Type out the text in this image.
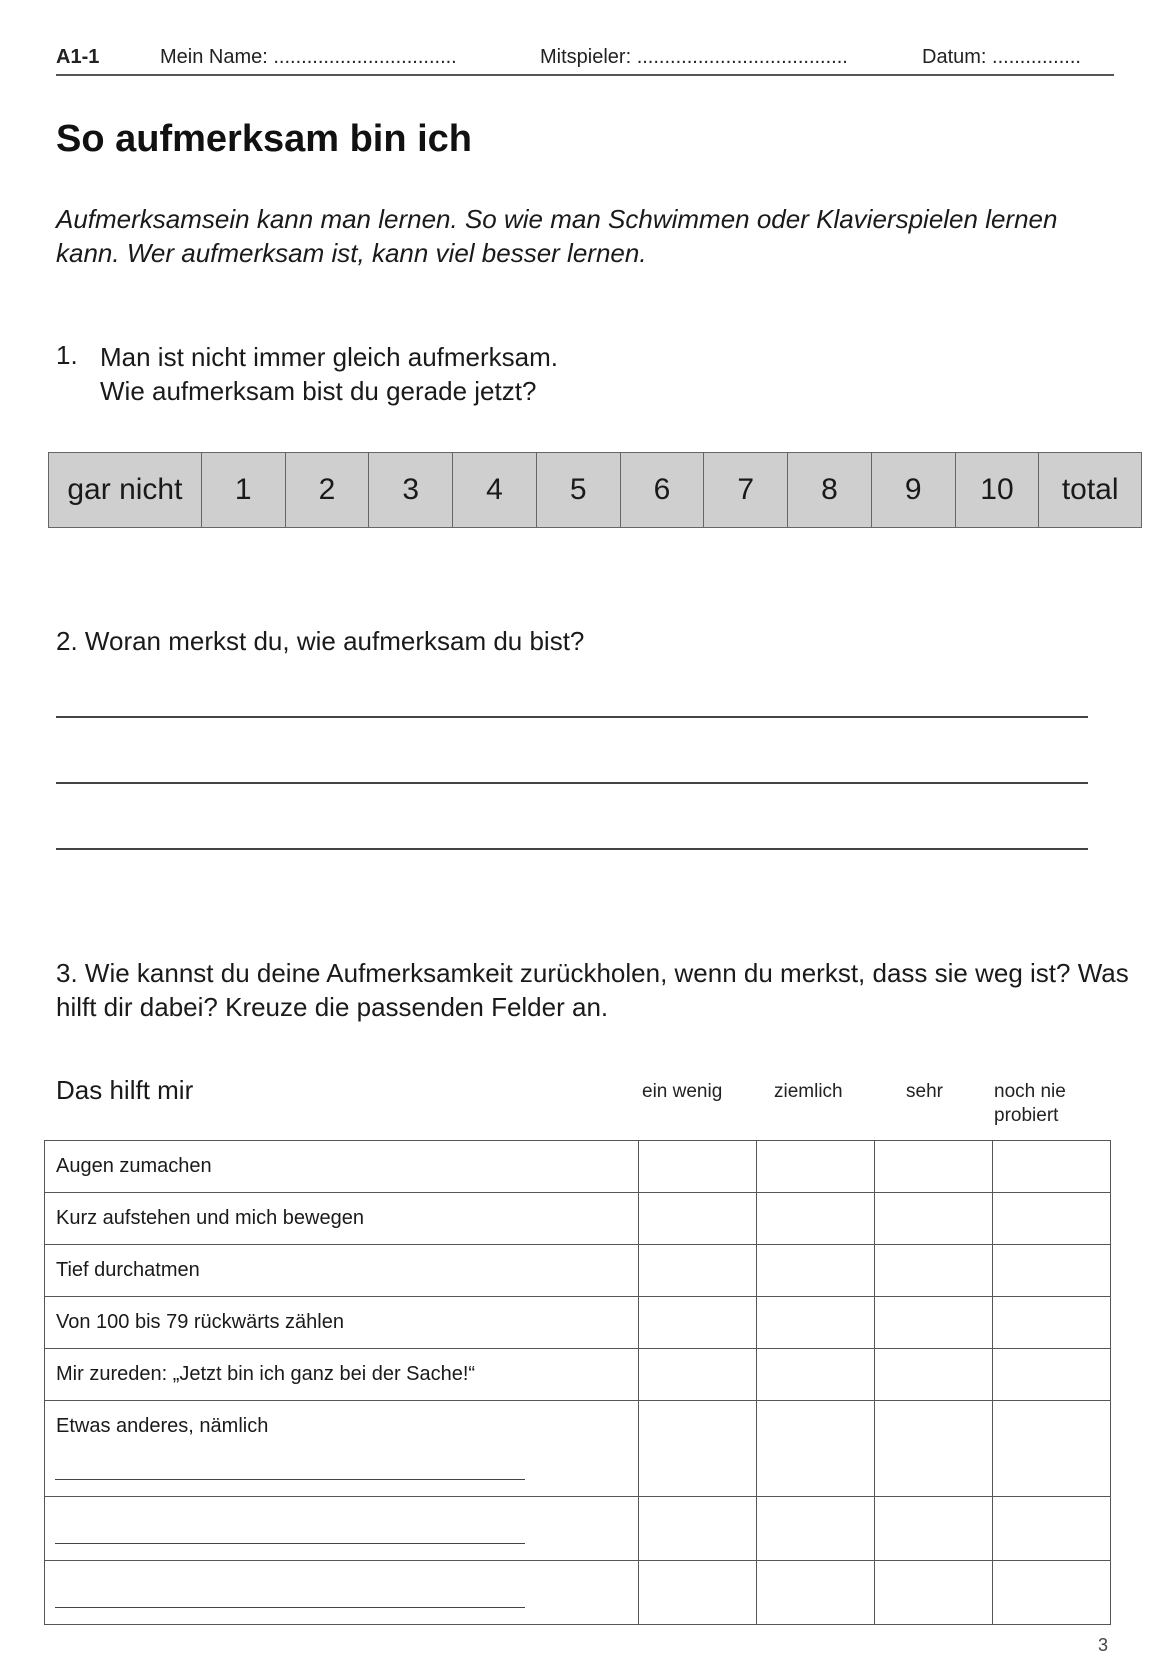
A1-1	Mein Name: .................................	Mitspieler: ......................................	Datum: ................
So aufmerksam bin ich

Aufmerksamsein kann man lernen. So wie man Schwimmen oder Klavierspielen lernen kann. Wer aufmerksam ist, kann viel besser lernen.

1. Man ist nicht immer gleich aufmerksam.
Wie aufmerksam bist du gerade jetzt?
gar nicht	1	2	3	4	5	6	7	8	9	10	total
2. Woran merkst du, wie aufmerksam du bist?
3. Wie kannst du deine Aufmerksamkeit zurückholen, wenn du merkst, dass sie weg ist? Was hilft dir dabei? Kreuze die passenden Felder an.
Das hilft mir	ein wenig	ziemlich	sehr	noch nie probiert
Augen zumachen				
Kurz aufstehen und mich bewegen				
Tief durchatmen				
Von 100 bis 79 rückwärts zählen				
Mir zureden: „Jetzt bin ich ganz bei der Sache!“				
Etwas anderes, nämlich

3
